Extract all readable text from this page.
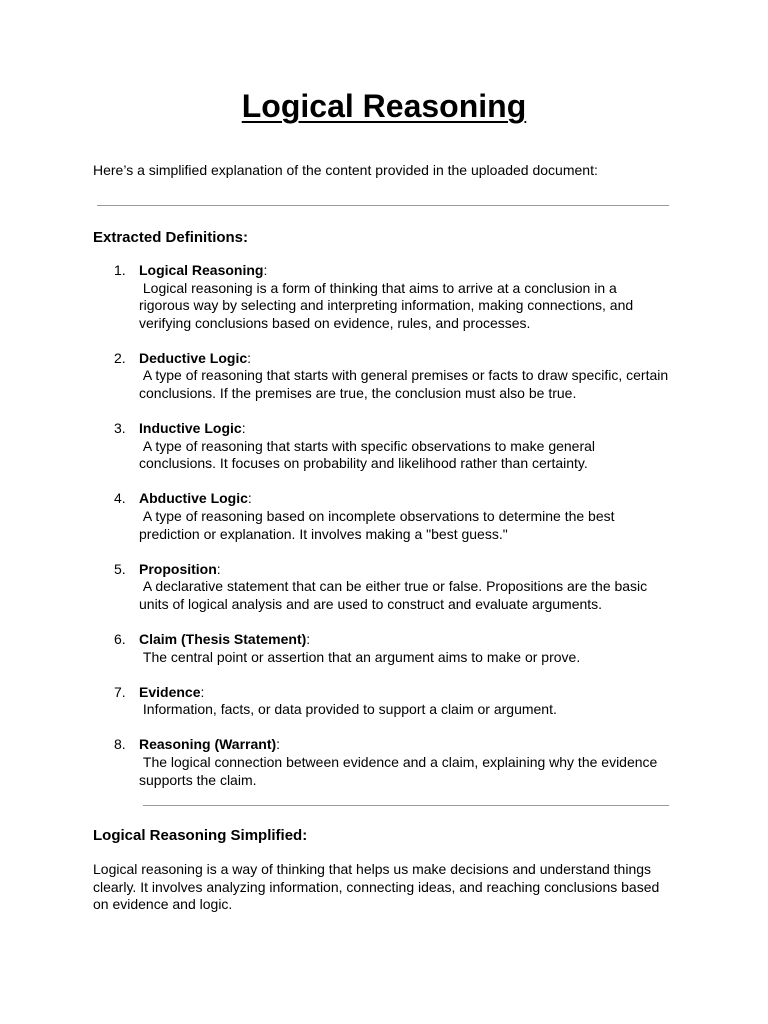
Logical Reasoning

Here’s a simplified explanation of the content provided in the uploaded document:

Extracted Definitions:
1. Logical Reasoning:
Logical reasoning is a form of thinking that aims to arrive at a conclusion in a rigorous way by selecting and interpreting information, making connections, and verifying conclusions based on evidence, rules, and processes.
2. Deductive Logic:
A type of reasoning that starts with general premises or facts to draw specific, certain conclusions. If the premises are true, the conclusion must also be true.
3. Inductive Logic:
A type of reasoning that starts with specific observations to make general conclusions. It focuses on probability and likelihood rather than certainty.
4. Abductive Logic:
A type of reasoning based on incomplete observations to determine the best prediction or explanation. It involves making a "best guess."
5. Proposition:
A declarative statement that can be either true or false. Propositions are the basic units of logical analysis and are used to construct and evaluate arguments.
6. Claim (Thesis Statement):
The central point or assertion that an argument aims to make or prove.
7. Evidence:
Information, facts, or data provided to support a claim or argument.
8. Reasoning (Warrant):
The logical connection between evidence and a claim, explaining why the evidence supports the claim.
Logical Reasoning Simplified:

Logical reasoning is a way of thinking that helps us make decisions and understand things clearly. It involves analyzing information, connecting ideas, and reaching conclusions based on evidence and logic.
